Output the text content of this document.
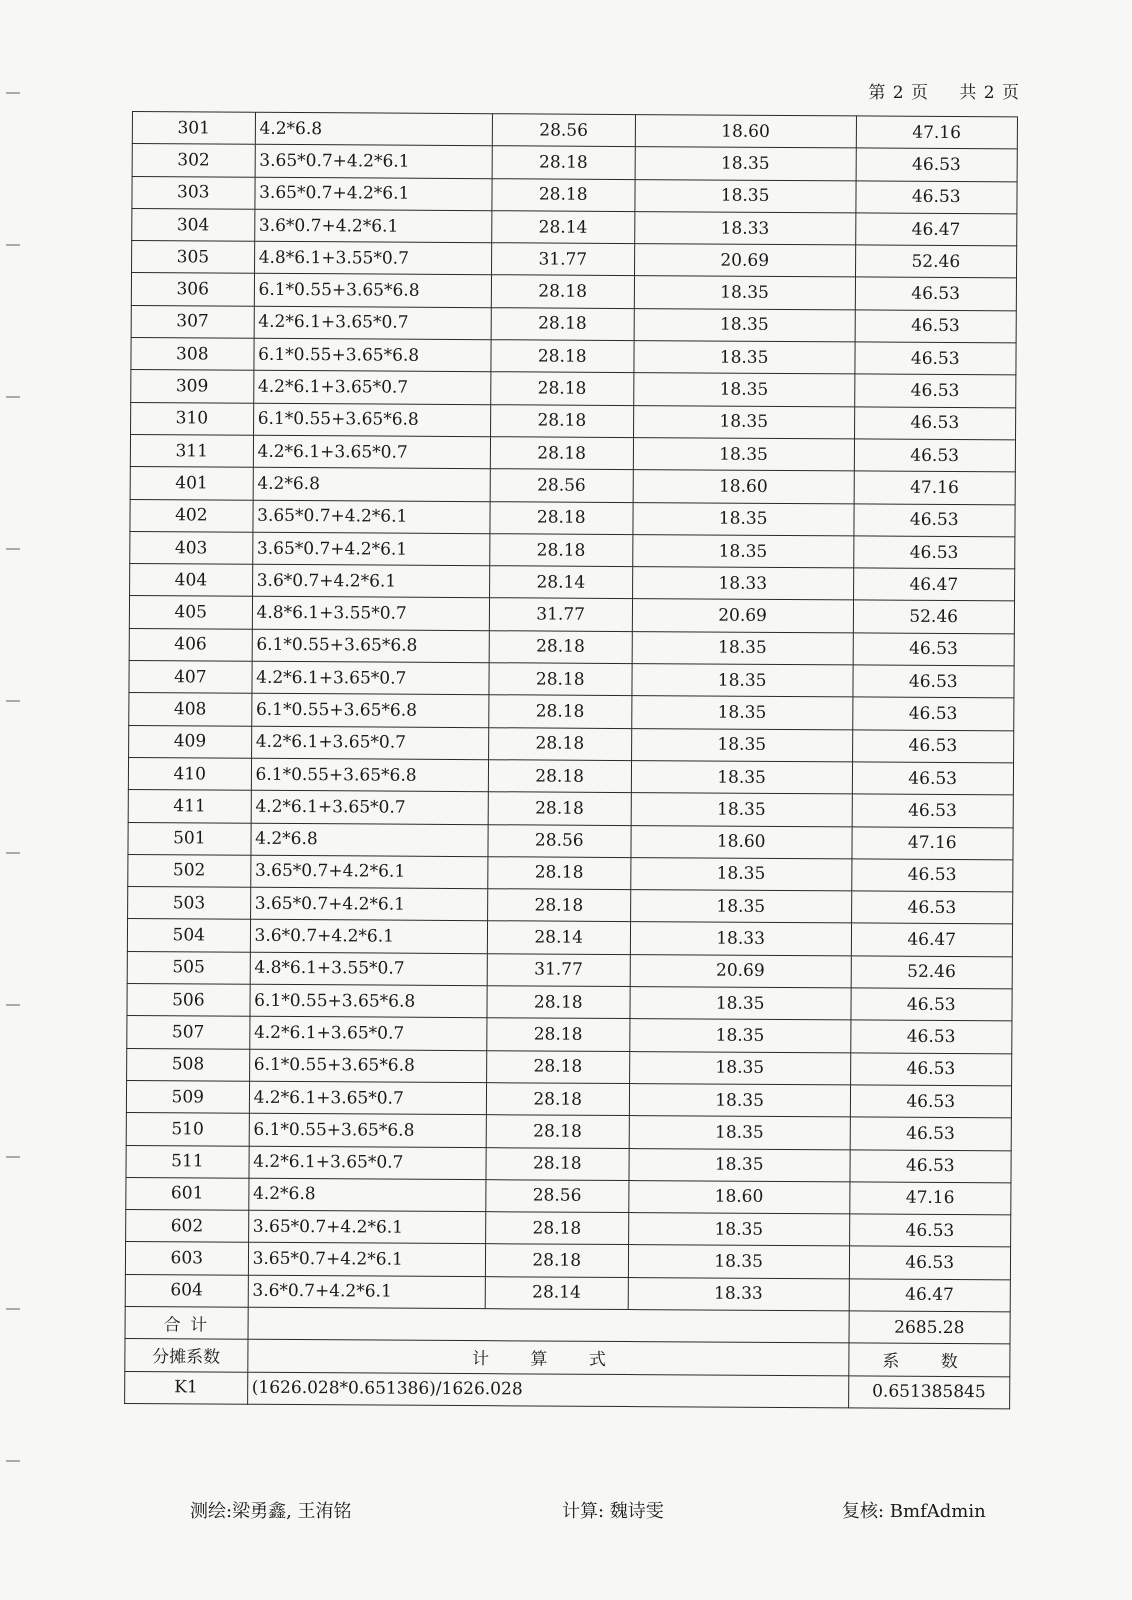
第 2 页 共 2 页
301	4.2*6.8	28.56	18.60	47.16
302	3.65*0.7+4.2*6.1	28.18	18.35	46.53
303	3.65*0.7+4.2*6.1	28.18	18.35	46.53
304	3.6*0.7+4.2*6.1	28.14	18.33	46.47
305	4.8*6.1+3.55*0.7	31.77	20.69	52.46
306	6.1*0.55+3.65*6.8	28.18	18.35	46.53
307	4.2*6.1+3.65*0.7	28.18	18.35	46.53
308	6.1*0.55+3.65*6.8	28.18	18.35	46.53
309	4.2*6.1+3.65*0.7	28.18	18.35	46.53
310	6.1*0.55+3.65*6.8	28.18	18.35	46.53
311	4.2*6.1+3.65*0.7	28.18	18.35	46.53
401	4.2*6.8	28.56	18.60	47.16
402	3.65*0.7+4.2*6.1	28.18	18.35	46.53
403	3.65*0.7+4.2*6.1	28.18	18.35	46.53
404	3.6*0.7+4.2*6.1	28.14	18.33	46.47
405	4.8*6.1+3.55*0.7	31.77	20.69	52.46
406	6.1*0.55+3.65*6.8	28.18	18.35	46.53
407	4.2*6.1+3.65*0.7	28.18	18.35	46.53
408	6.1*0.55+3.65*6.8	28.18	18.35	46.53
409	4.2*6.1+3.65*0.7	28.18	18.35	46.53
410	6.1*0.55+3.65*6.8	28.18	18.35	46.53
411	4.2*6.1+3.65*0.7	28.18	18.35	46.53
501	4.2*6.8	28.56	18.60	47.16
502	3.65*0.7+4.2*6.1	28.18	18.35	46.53
503	3.65*0.7+4.2*6.1	28.18	18.35	46.53
504	3.6*0.7+4.2*6.1	28.14	18.33	46.47
505	4.8*6.1+3.55*0.7	31.77	20.69	52.46
506	6.1*0.55+3.65*6.8	28.18	18.35	46.53
507	4.2*6.1+3.65*0.7	28.18	18.35	46.53
508	6.1*0.55+3.65*6.8	28.18	18.35	46.53
509	4.2*6.1+3.65*0.7	28.18	18.35	46.53
510	6.1*0.55+3.65*6.8	28.18	18.35	46.53
511	4.2*6.1+3.65*0.7	28.18	18.35	46.53
601	4.2*6.8	28.56	18.60	47.16
602	3.65*0.7+4.2*6.1	28.18	18.35	46.53
603	3.65*0.7+4.2*6.1	28.18	18.35	46.53
604	3.6*0.7+4.2*6.1	28.14	18.33	46.47
合 计				2685.28
分摊系数	计 算 式			系 数
K1	(1626.028*0.651386)/1626.028			0.651385845
测绘:梁勇鑫, 王洧铭	计算: 魏诗雯	复核: BmfAdmin
